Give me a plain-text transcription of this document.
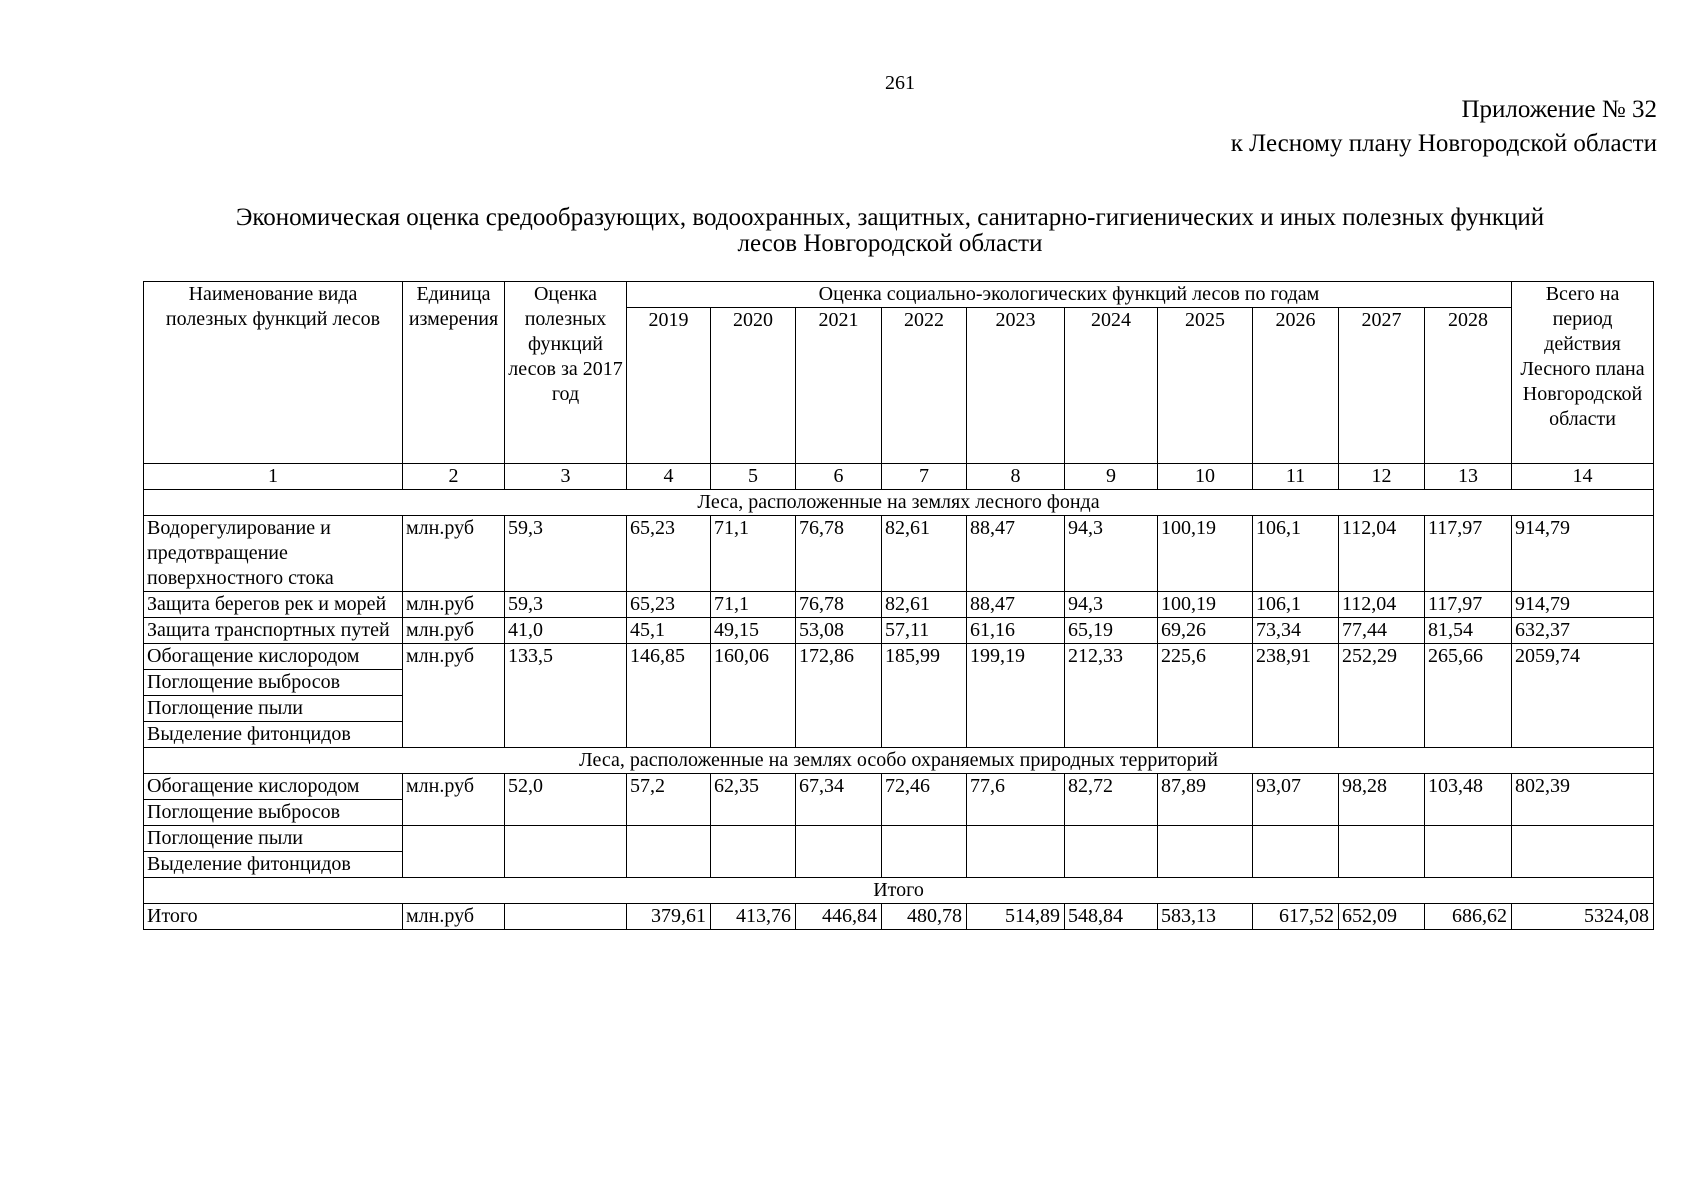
261
Приложение № 32
к Лесному плану Новгородской области
Экономическая оценка средообразующих, водоохранных, защитных, санитарно-гигиенических и иных полезных функций
лесов Новгородской области
Наименование вида полезных функций лесов	Единица измерения	Оценка полезных функций лесов за 2017 год	Оценка социально-экологических функций лесов по годам										Всего на период действия Лесного плана Новгородской области
			2019	2020	2021	2022	2023	2024	2025	2026	2027	2028	
1	2	3	4	5	6	7	8	9	10	11	12	13	14
Леса, расположенные на землях лесного фонда													
Водорегулирование и предотвращение поверхностного стока	млн.руб	59,3	65,23	71,1	76,78	82,61	88,47	94,3	100,19	106,1	112,04	117,97	914,79
Защита берегов рек и морей	млн.руб	59,3	65,23	71,1	76,78	82,61	88,47	94,3	100,19	106,1	112,04	117,97	914,79
Защита транспортных путей	млн.руб	41,0	45,1	49,15	53,08	57,11	61,16	65,19	69,26	73,34	77,44	81,54	632,37
Обогащение кислородом	млн.руб	133,5	146,85	160,06	172,86	185,99	199,19	212,33	225,6	238,91	252,29	265,66	2059,74
Поглощение выбросов													
Поглощение пыли													
Выделение фитонцидов													
Леса, расположенные на землях особо охраняемых природных территорий													
Обогащение кислородом	млн.руб	52,0	57,2	62,35	67,34	72,46	77,6	82,72	87,89	93,07	98,28	103,48	802,39
Поглощение выбросов													
Поглощение пыли													
Выделение фитонцидов													
Итого													
Итого	млн.руб		379,61	413,76	446,84	480,78	514,89	548,84	583,13	617,52	652,09	686,62	5324,08
